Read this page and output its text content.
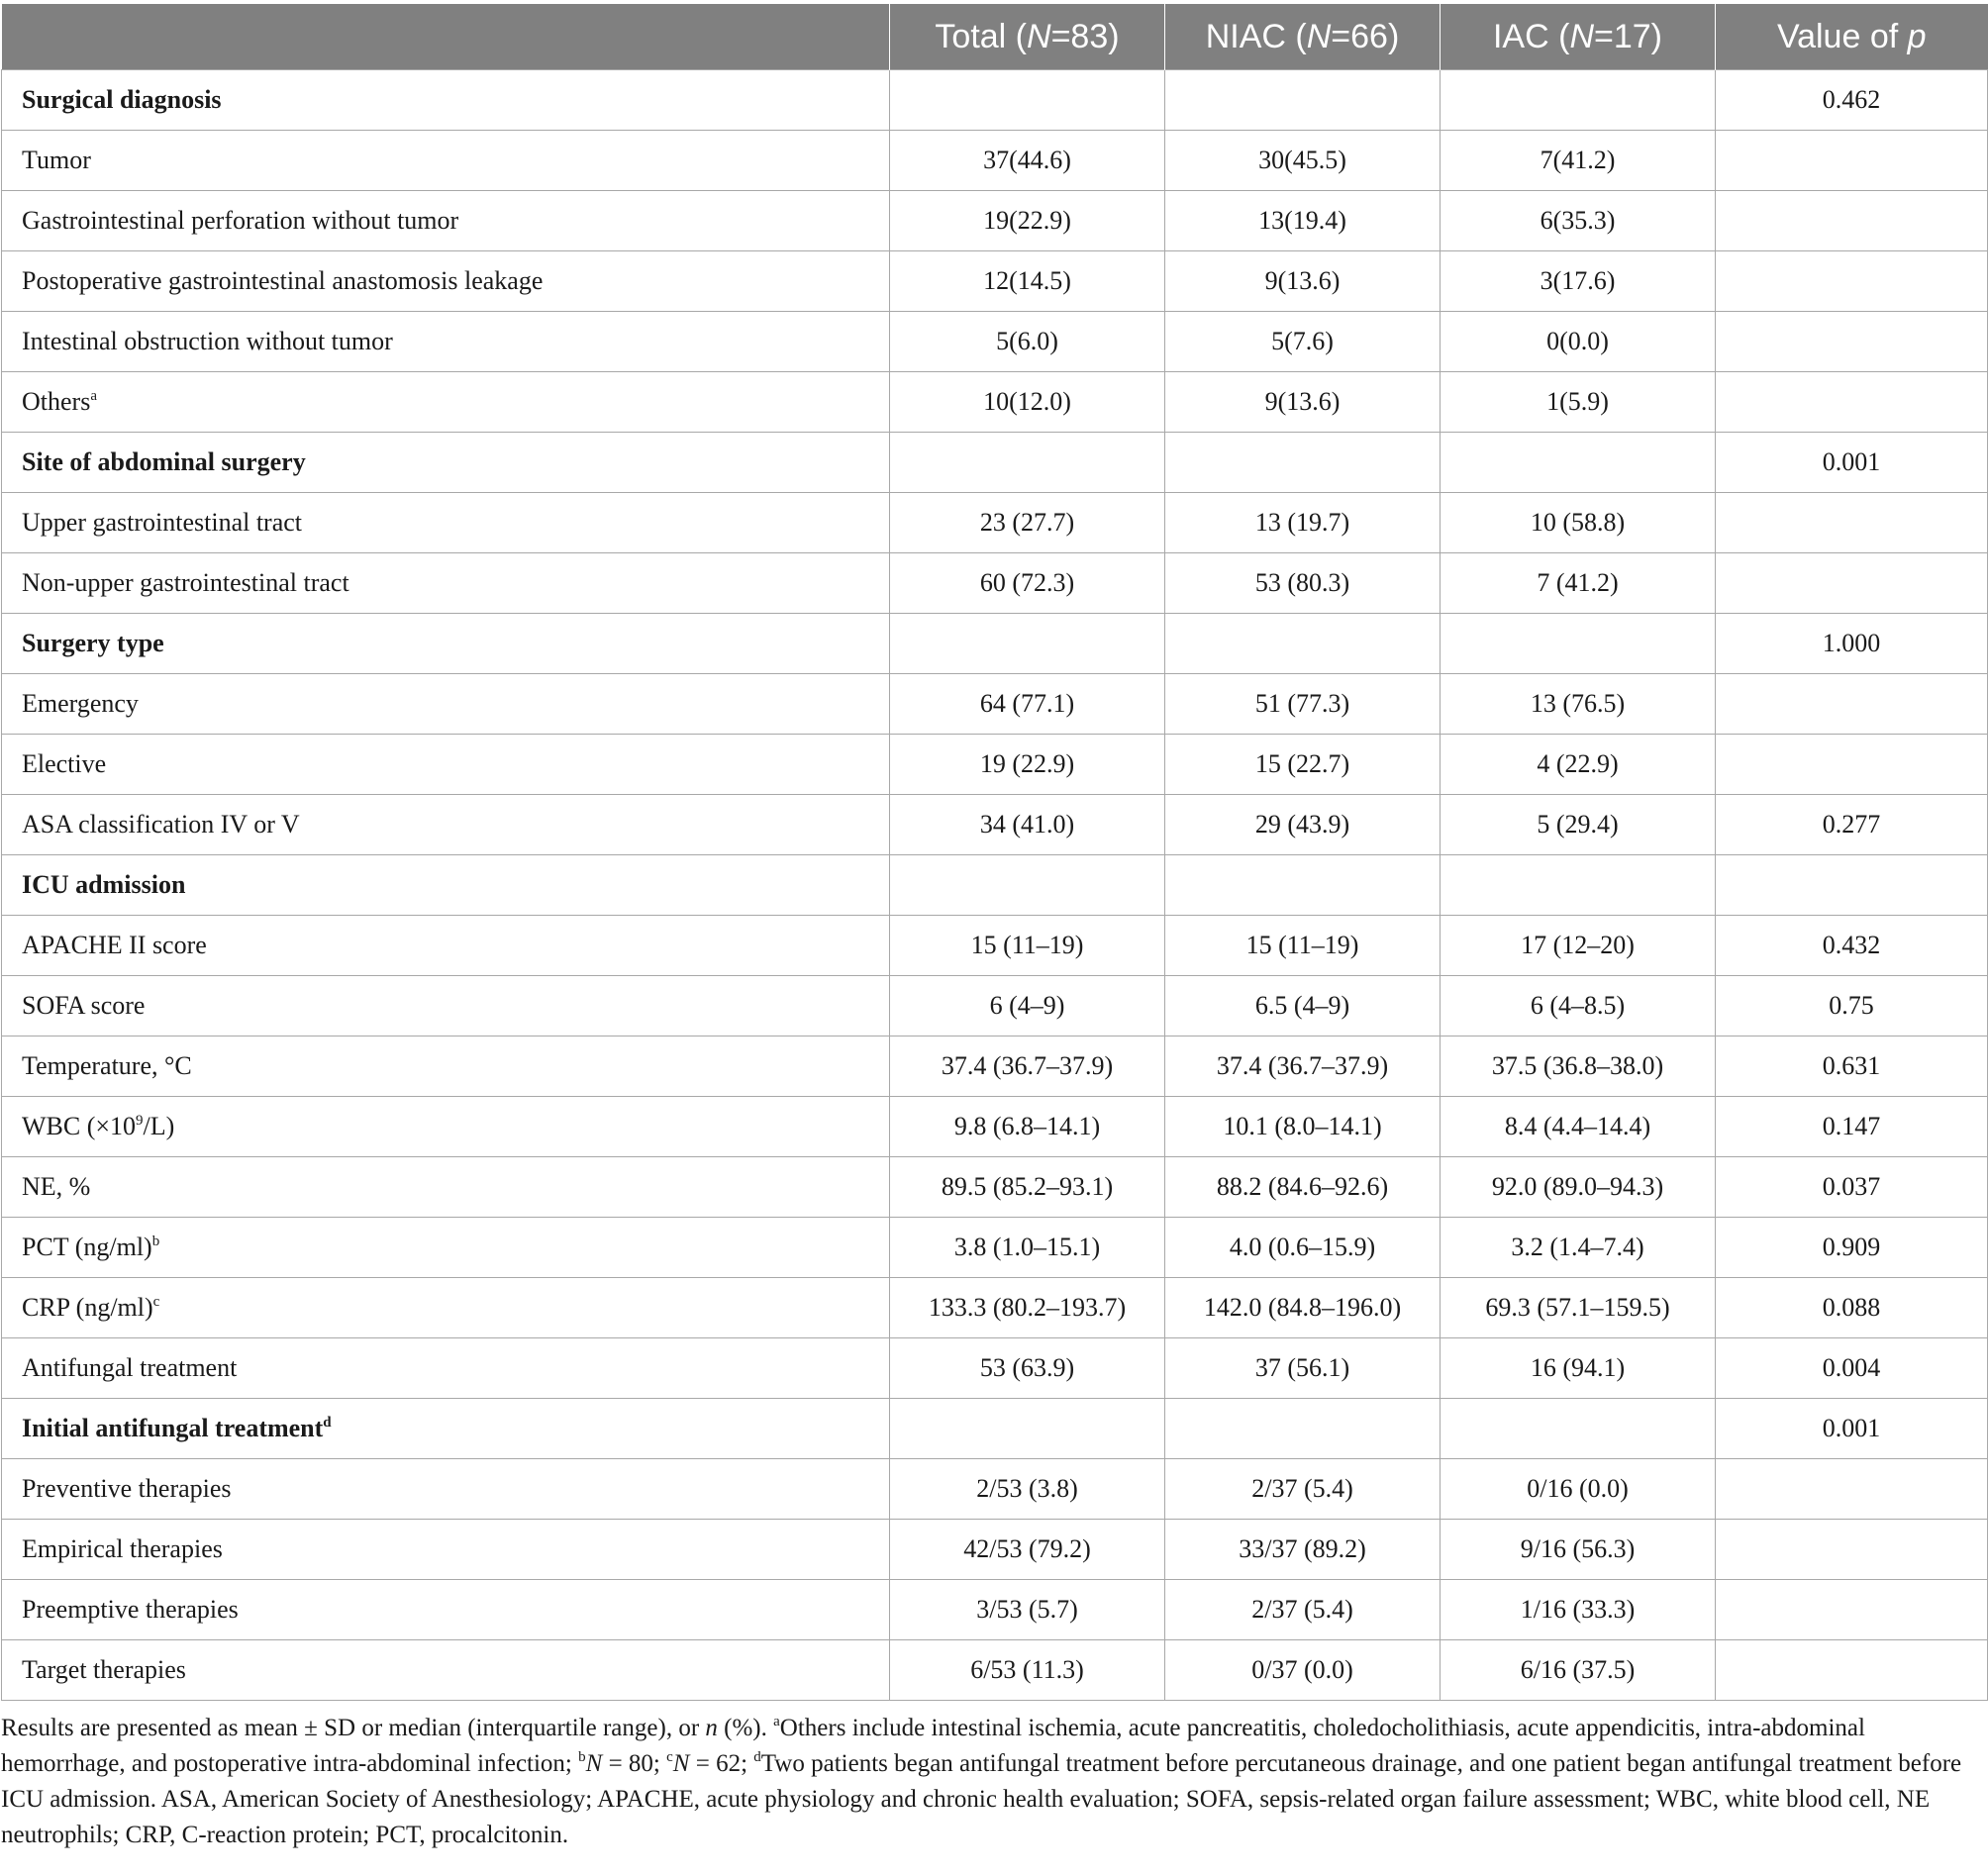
	Total (N=83)	NIAC (N=66)	IAC (N=17)	Value of p
Surgical diagnosis				0.462
Tumor	37(44.6)	30(45.5)	7(41.2)	
Gastrointestinal perforation without tumor	19(22.9)	13(19.4)	6(35.3)	
Postoperative gastrointestinal anastomosis leakage	12(14.5)	9(13.6)	3(17.6)	
Intestinal obstruction without tumor	5(6.0)	5(7.6)	0(0.0)	
Others$^a$	10(12.0)	9(13.6)	1(5.9)	
Site of abdominal surgery				0.001
Upper gastrointestinal tract	23 (27.7)	13 (19.7)	10 (58.8)	
Non-upper gastrointestinal tract	60 (72.3)	53 (80.3)	7 (41.2)	
Surgery type				1.000
Emergency	64 (77.1)	51 (77.3)	13 (76.5)	
Elective	19 (22.9)	15 (22.7)	4 (22.9)	
ASA classification IV or V	34 (41.0)	29 (43.9)	5 (29.4)	0.277
ICU admission				
APACHE II score	15 (11–19)	15 (11–19)	17 (12–20)	0.432
SOFA score	6 (4–9)	6.5 (4–9)	6 (4–8.5)	0.75
Temperature, °C	37.4 (36.7–37.9)	37.4 (36.7–37.9)	37.5 (36.8–38.0)	0.631
WBC $(\times 10^9/L)$	9.8 (6.8–14.1)	10.1 (8.0–14.1)	8.4 (4.4–14.4)	0.147
NE, %	89.5 (85.2–93.1)	88.2 (84.6–92.6)	92.0 (89.0–94.3)	0.037
PCT $(ng/ml)^b$	3.8 (1.0–15.1)	4.0 (0.6–15.9)	3.2 (1.4–7.4)	0.909
CRP $(ng/ml)^c$	133.3 (80.2–193.7)	142.0 (84.8–196.0)	69.3 (57.1–159.5)	0.088
Antifungal treatment	53 (63.9)	37 (56.1)	16 (94.1)	0.004
Initial antifungal treatment$^d$				0.001
Preventive therapies	2/53 (3.8)	2/37 (5.4)	0/16 (0.0)	
Empirical therapies	42/53 (79.2)	33/37 (89.2)	9/16 (56.3)	
Preemptive therapies	3/53 (5.7)	2/37 (5.4)	1/16 (33.3)	
Target therapies	6/53 (11.3)	0/37 (0.0)	6/16 (37.5)	
Results are presented as mean ± SD or median (interquartile range), or n (%). $^a$Others include intestinal ischemia, acute pancreatitis, choledocholithiasis, acute appendicitis, intra-abdominal hemorrhage, and postoperative intra-abdominal infection; $^b$N = 80; $^c$N = 62; $^d$Two patients began antifungal treatment before percutaneous drainage, and one patient began antifungal treatment before ICU admission. ASA, American Society of Anesthesiology; APACHE, acute physiology and chronic health evaluation; SOFA, sepsis-related organ failure assessment; WBC, white blood cell, NE neutrophils; CRP, C-reaction protein; PCT, procalcitonin.
